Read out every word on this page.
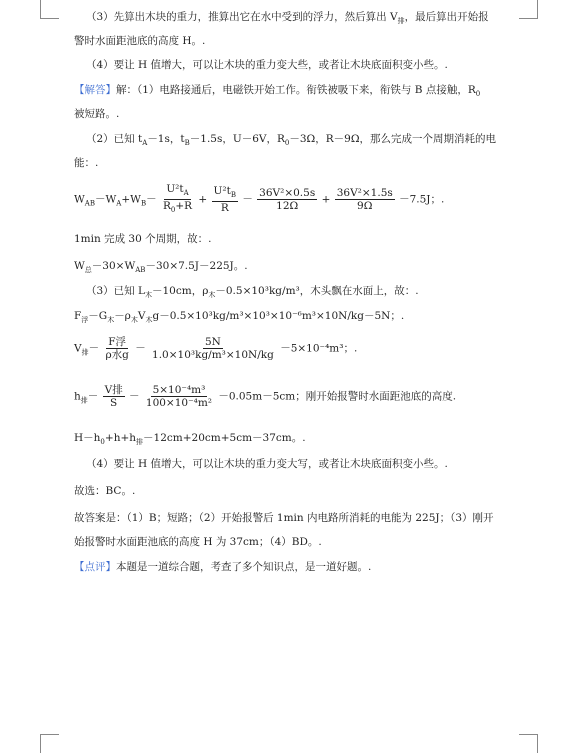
（3）先算出木块的重力，推算出它在水中受到的浮力，然后算出 $V_排$，最后算出开始报
警时水面距池底的高度 H。.
（4）要让 H 值增大，可以让木块的重力变大些，或者让木块底面积变小些。.
【解答】解：（1）电路接通后，电磁铁开始工作。衔铁被吸下来，衔铁与 B 点接触，$R_0$
被短路。.
（2）已知 $t_A-1s$，$t_B-1.5s$，U－6V，$R_0-3\Omega$，R－9Ω，那么完成一个周期消耗的电
能：.
$W_{AB}-W_A+W_B- \frac{U^2t_A}{R_0+R} + \frac{U^2t_B}{R} - \frac{\text{36V²×0.5s}}{12\Omega} + \frac{\text{36V²×1.5s}}{9\Omega} -7.5J$；.
1min 完成 30 个周期，故：.
$W_总-30\times W_{AB}-30\times 7.5J-225J$。.
（3）已知 $L_木-10cm$，$\rho_木-0.5\times 10^3kg/m^3$，木头飘在水面上，故：.
$F_浮-G_木-\rho_木V_木g-0.5\times 10^3kg/m^3\times 10^3\times 10^{-6}m^3\times 10N/kg-5N$；.
$V_排- \frac{\text{F浮}}{\text{ρ水g}} - \frac{5N}{\text{1.0×10³kg/m³×10N/kg}} -5\times 10^{-4}m^3$；.
$h_排- \frac{\text{V排}}{S} - \frac{\text{5×10⁻⁴m³}}{\text{100×10⁻⁴m²}} -0.05m-5cm$；刚开始报警时水面距池底的高度.
$H-h_0+h+h_排-12cm+20cm+5cm-37cm$。.
（4）要让 H 值增大，可以让木块的重力变大写，或者让木块底面积变小些。.
故选：BC。.
故答案是：（1）B；短路；（2）开始报警后 1min 内电路所消耗的电能为 225J；（3）刚开
始报警时水面距池底的高度 H 为 37cm；（4）BD。.
【点评】本题是一道综合题，考查了多个知识点，是一道好题。.
